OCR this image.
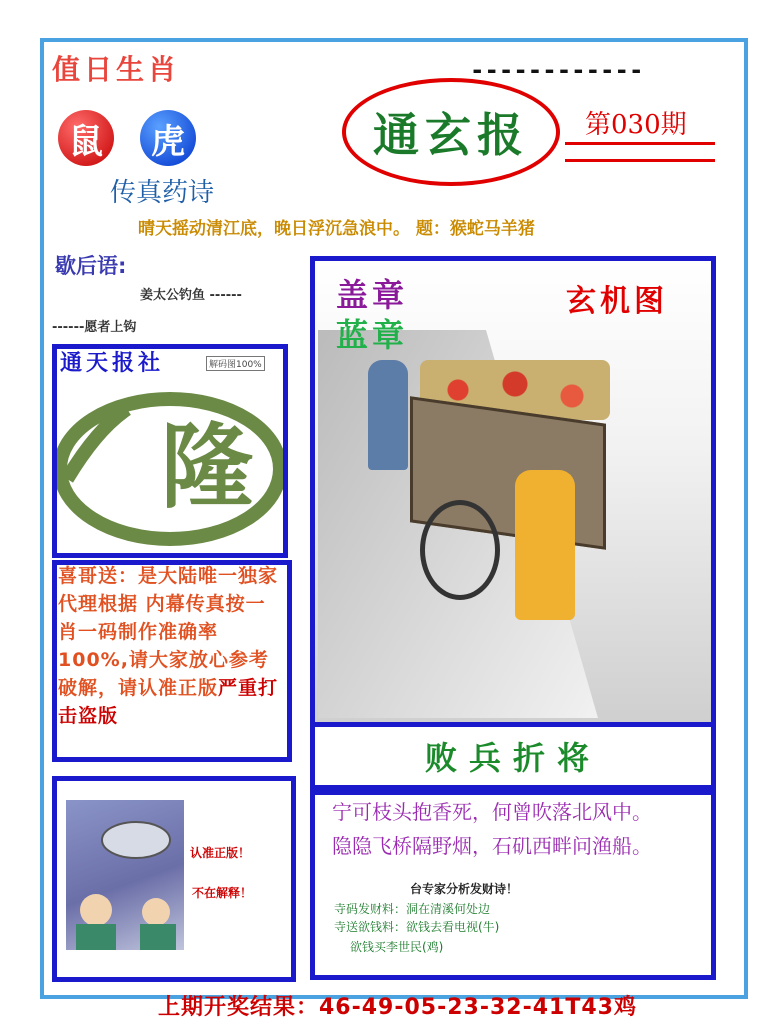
值日生肖	------------
鼠	虎
传真药诗
通玄报 第030期
晴天摇动清江底，晚日浮沉急浪中。 题：猴蛇马羊猪
歇后语:
姜太公钓鱼 ------
------愿者上钩
隆
通天报社	解码图100%
喜哥送：是大陆唯一独家代理根据 内幕传真按一肖一码制作准确率100%,请大家放心参考破解，请认准正版严重打击盗版
认准正版！
不在解释！
盖章
蓝章
玄机图
败兵折将
宁可枝头抱香死，何曾吹落北风中。
隐隐飞桥隔野烟，石矶西畔问渔船。
台专家分析发财诗！
寺码发财料：洞在清溪何处边
寺送欲钱料：欲钱去看电视(牛)
欲钱买李世民(鸡)
上期开奖结果：46-49-05-23-32-41T43鸡
